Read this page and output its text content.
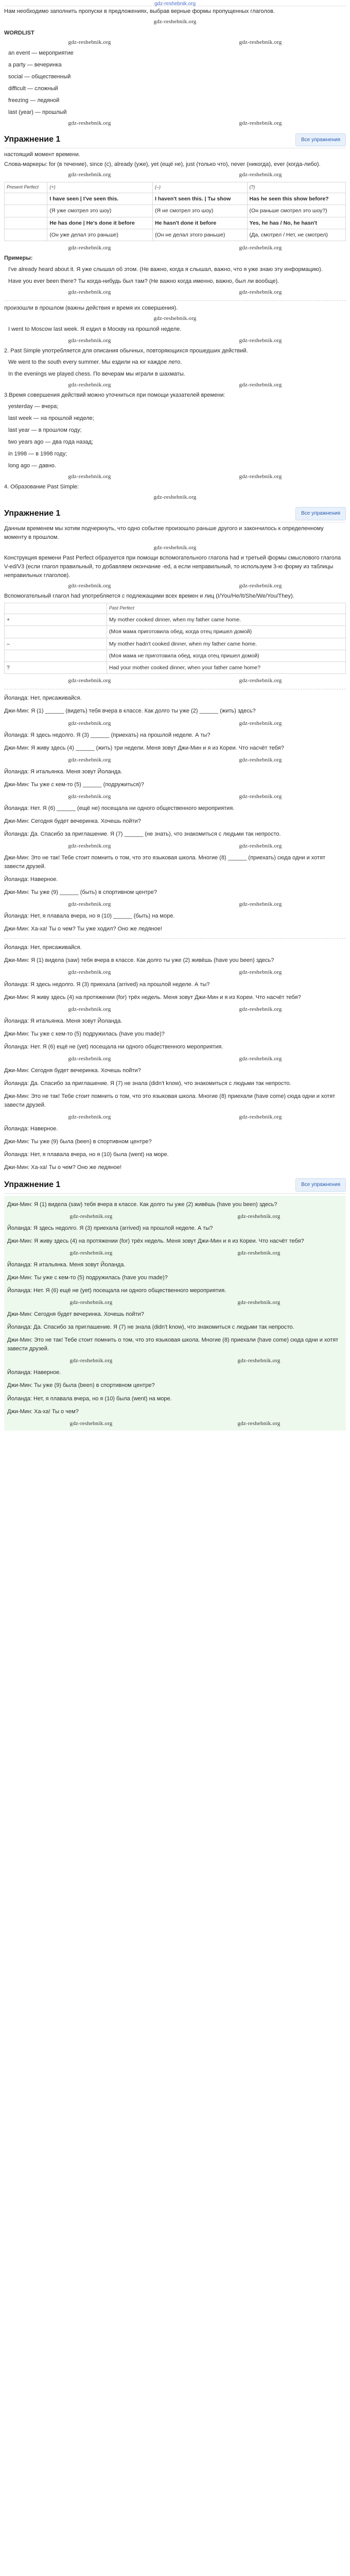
gdz-reshebnik.org

Нам необходимо заполнить пропуски в предложениях, выбрав верные формы пропущенных глаголов.

gdz-reshebnik.org
WORDLIST
gdz-reshebnik.org	gdz-reshebnik.org
an event — мероприятие
a party — вечеринка
social — общественный
difficult — сложный
freezing — ледяной
last (year) — прошлый
gdz-reshebnik.org	gdz-reshebnik.org
Упражнение 1	Все упражнения

настоящий момент времени.

Слова-маркеры: for (в течение), since (с), already (уже), yet (ещё не), just (только что), never (никогда), ever (когда-либо).

gdz-reshebnik.org	gdz-reshebnik.org
Present Perfect	(+)	(–)	(?)
	I have seen | I've seen this.	I haven't seen this. | Ты show	Has he seen this show before?
	(Я уже смотрел это шоу)	(Я не смотрел это шоу)	(Он раньше смотрел это шоу?)
	He has done | He's done it before	He hasn't done it before	Yes, he has / No, he hasn't
	(Он уже делал это раньше)	(Он не делал этого раньше)	(Да, смотрел / Нет, не смотрел)
gdz-reshebnik.org	gdz-reshebnik.org

Примеры:

I've already heard about it. Я уже слышал об этом. (Не важно, когда я слышал, важно, что я уже знаю эту информацию).
Have you ever been there? Ты когда-нибудь был там? (Не важно когда именно, важно, был ли вообще).
gdz-reshebnik.org	gdz-reshebnik.org

произошли в прошлом (важны действия и время их совершения).

gdz-reshebnik.org
I went to Moscow last week. Я ездил в Москву на прошлой неделе.
gdz-reshebnik.org	gdz-reshebnik.org

2. Past Simple употребляется для описания обычных, повторяющихся прошедших действий.

We went to the south every summer. Мы ездили на юг каждое лето.
In the evenings we played chess. По вечерам мы играли в шахматы.
gdz-reshebnik.org	gdz-reshebnik.org

3.Время совершения действий можно уточниться при помощи указателей времени:

yesterday — вчера;
last week — на прошлой неделе;
last year — в прошлом году;
two years ago — два года назад;
in 1998 — в 1998 году;
long ago — давно.
gdz-reshebnik.org	gdz-reshebnik.org

4. Образование Past Simple:

gdz-reshebnik.org
Упражнение 1	Все упражнения

Данным временем мы хотим подчеркнуть, что одно событие произошло раньше другого и закончилось к определенному моменту в прошлом.

gdz-reshebnik.org

Конструкция времени Past Perfect образуется при помощи вспомогательного глагола had и третьей формы смыслового глагола V-ed/V3 (если глагол правильный, то добавляем окончание -ed, а если неправильный, то используем 3-ю форму из таблицы неправильных глаголов).

gdz-reshebnik.org	gdz-reshebnik.org

Вспомогательный глагол had употребляется с подлежащими всех времен и лиц (I/You/He/It/She/We/You/They).

	Past Perfect
+	My mother cooked dinner, when my father came home.
	(Моя мама приготовила обед, когда отец пришел домой)
–	My mother hadn't cooked dinner, when my father came home.
	(Моя мама не приготовила обед, когда отец пришел домой)
?	Had your mother cooked dinner, when your father came home?
gdz-reshebnik.org	gdz-reshebnik.org

Йоланда: Нет, присаживайся.

Джи-Мин: Я (1) ______ (видеть) тебя вчера в классе. Как долго ты уже (2) ______ (жить) здесь?

gdz-reshebnik.org	gdz-reshebnik.org

Йоланда: Я здесь недолго. Я (3) ______ (приехать) на прошлой неделе. А ты?

Джи-Мин: Я живу здесь (4) ______ (жить) три недели. Меня зовут Джи-Мин и я из Кореи. Что насчёт тебя?

gdz-reshebnik.org	gdz-reshebnik.org

Йоланда: Я итальянка. Меня зовут Йоланда.

Джи-Мин: Ты уже с кем-то (5) ______ (подружиться)?

gdz-reshebnik.org	gdz-reshebnik.org

Йоланда: Нет. Я (6) ______ (ещё не) посещала ни одного общественного мероприятия.

Джи-Мин: Сегодня будет вечеринка. Хочешь пойти?

Йоланда: Да. Спасибо за приглашение. Я (7) ______ (не знать), что знакомиться с людьми так непросто.

gdz-reshebnik.org	gdz-reshebnik.org

Джи-Мин: Это не так! Тебе стоит помнить о том, что это языковая школа. Многие (8) ______ (приехать) сюда одни и хотят завести друзей.

Йоланда: Наверное.

Джи-Мин: Ты уже (9) ______ (быть) в спортивном центре?

gdz-reshebnik.org	gdz-reshebnik.org

Йоланда: Нет, я плавала вчера, но я (10) ______ (быть) на море.

Джи-Мин: Ха-ха! Ты о чем? Ты уже ходил? Оно же ледяное!

Йоланда: Нет, присаживайся.

Джи-Мин: Я (1) видела (saw) тебя вчера в классе. Как долго ты уже (2) живёшь (have you been) здесь?

gdz-reshebnik.org	gdz-reshebnik.org

Йоланда: Я здесь недолго. Я (3) приехала (arrived) на прошлой неделе. А ты?

Джи-Мин: Я живу здесь (4) на протяжении (for) трёх недель. Меня зовут Джи-Мин и я из Кореи. Что насчёт тебя?

gdz-reshebnik.org	gdz-reshebnik.org

Йоланда: Я итальянка. Меня зовут Йоланда.

Джи-Мин: Ты уже с кем-то (5) подружилась (have you made)?

Йоланда: Нет. Я (6) ещё не (yet) посещала ни одного общественного мероприятия.

gdz-reshebnik.org	gdz-reshebnik.org

Джи-Мин: Сегодня будет вечеринка. Хочешь пойти?

Йоланда: Да. Спасибо за приглашение. Я (7) не знала (didn't know), что знакомиться с людьми так непросто.

Джи-Мин: Это не так! Тебе стоит помнить о том, что это языковая школа. Многие (8) приехали (have come) сюда одни и хотят завести друзей.

gdz-reshebnik.org	gdz-reshebnik.org

Йоланда: Наверное.

Джи-Мин: Ты уже (9) была (been) в спортивном центре?

Йоланда: Нет, я плавала вчера, но я (10) была (went) на море.

Джи-Мин: Ха-ха! Ты о чем? Оно же ледяное!

Упражнение 1	Все упражнения

Джи-Мин: Я (1) видела (saw) тебя вчера в классе. Как долго ты уже (2) живёшь (have you been) здесь?

gdz-reshebnik.org	gdz-reshebnik.org

Йоланда: Я здесь недолго. Я (3) приехала (arrived) на прошлой неделе. А ты?

Джи-Мин: Я живу здесь (4) на протяжении (for) трёх недель. Меня зовут Джи-Мин и я из Кореи. Что насчёт тебя?

gdz-reshebnik.org	gdz-reshebnik.org

Йоланда: Я итальянка. Меня зовут Йоланда.

Джи-Мин: Ты уже с кем-то (5) подружилась (have you made)?

Йоланда: Нет. Я (6) ещё не (yet) посещала ни одного общественного мероприятия.

gdz-reshebnik.org	gdz-reshebnik.org

Джи-Мин: Сегодня будет вечеринка. Хочешь пойти?

Йоланда: Да. Спасибо за приглашение. Я (7) не знала (didn't know), что знакомиться с людьми так непросто.

Джи-Мин: Это не так! Тебе стоит помнить о том, что это языковая школа. Многие (8) приехали (have come) сюда одни и хотят завести друзей.

gdz-reshebnik.org	gdz-reshebnik.org

Йоланда: Наверное.

Джи-Мин: Ты уже (9) была (been) в спортивном центре?

Йоланда: Нет, я плавала вчера, но я (10) была (went) на море.

Джи-Мин: Ха-ха! Ты о чем?

gdz-reshebnik.org	gdz-reshebnik.org
